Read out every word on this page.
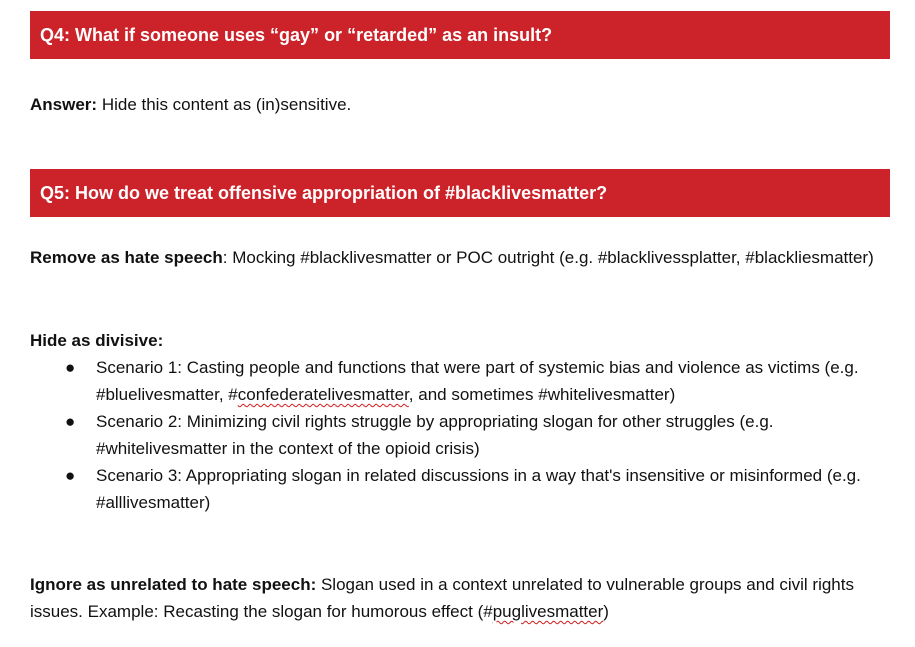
Q4: What if someone uses “gay” or “retarded” as an insult?

Answer: Hide this content as (in)sensitive.

Q5: How do we treat offensive appropriation of #blacklivesmatter?

Remove as hate speech: Mocking #blacklivesmatter or POC outright (e.g. #blacklivessplatter, #blackliesmatter)

Hide as divisive:

● Scenario 1: Casting people and functions that were part of systemic bias and violence as victims (e.g. #bluelivesmatter, #confederatelivesmatter, and sometimes #whitelivesmatter)
● Scenario 2: Minimizing civil rights struggle by appropriating slogan for other struggles (e.g. #whitelivesmatter in the context of the opioid crisis)
● Scenario 3: Appropriating slogan in related discussions in a way that's insensitive or misinformed (e.g. #alllivesmatter)

Ignore as unrelated to hate speech: Slogan used in a context unrelated to vulnerable groups and civil rights issues. Example: Recasting the slogan for humorous effect (#puglivesmatter)
